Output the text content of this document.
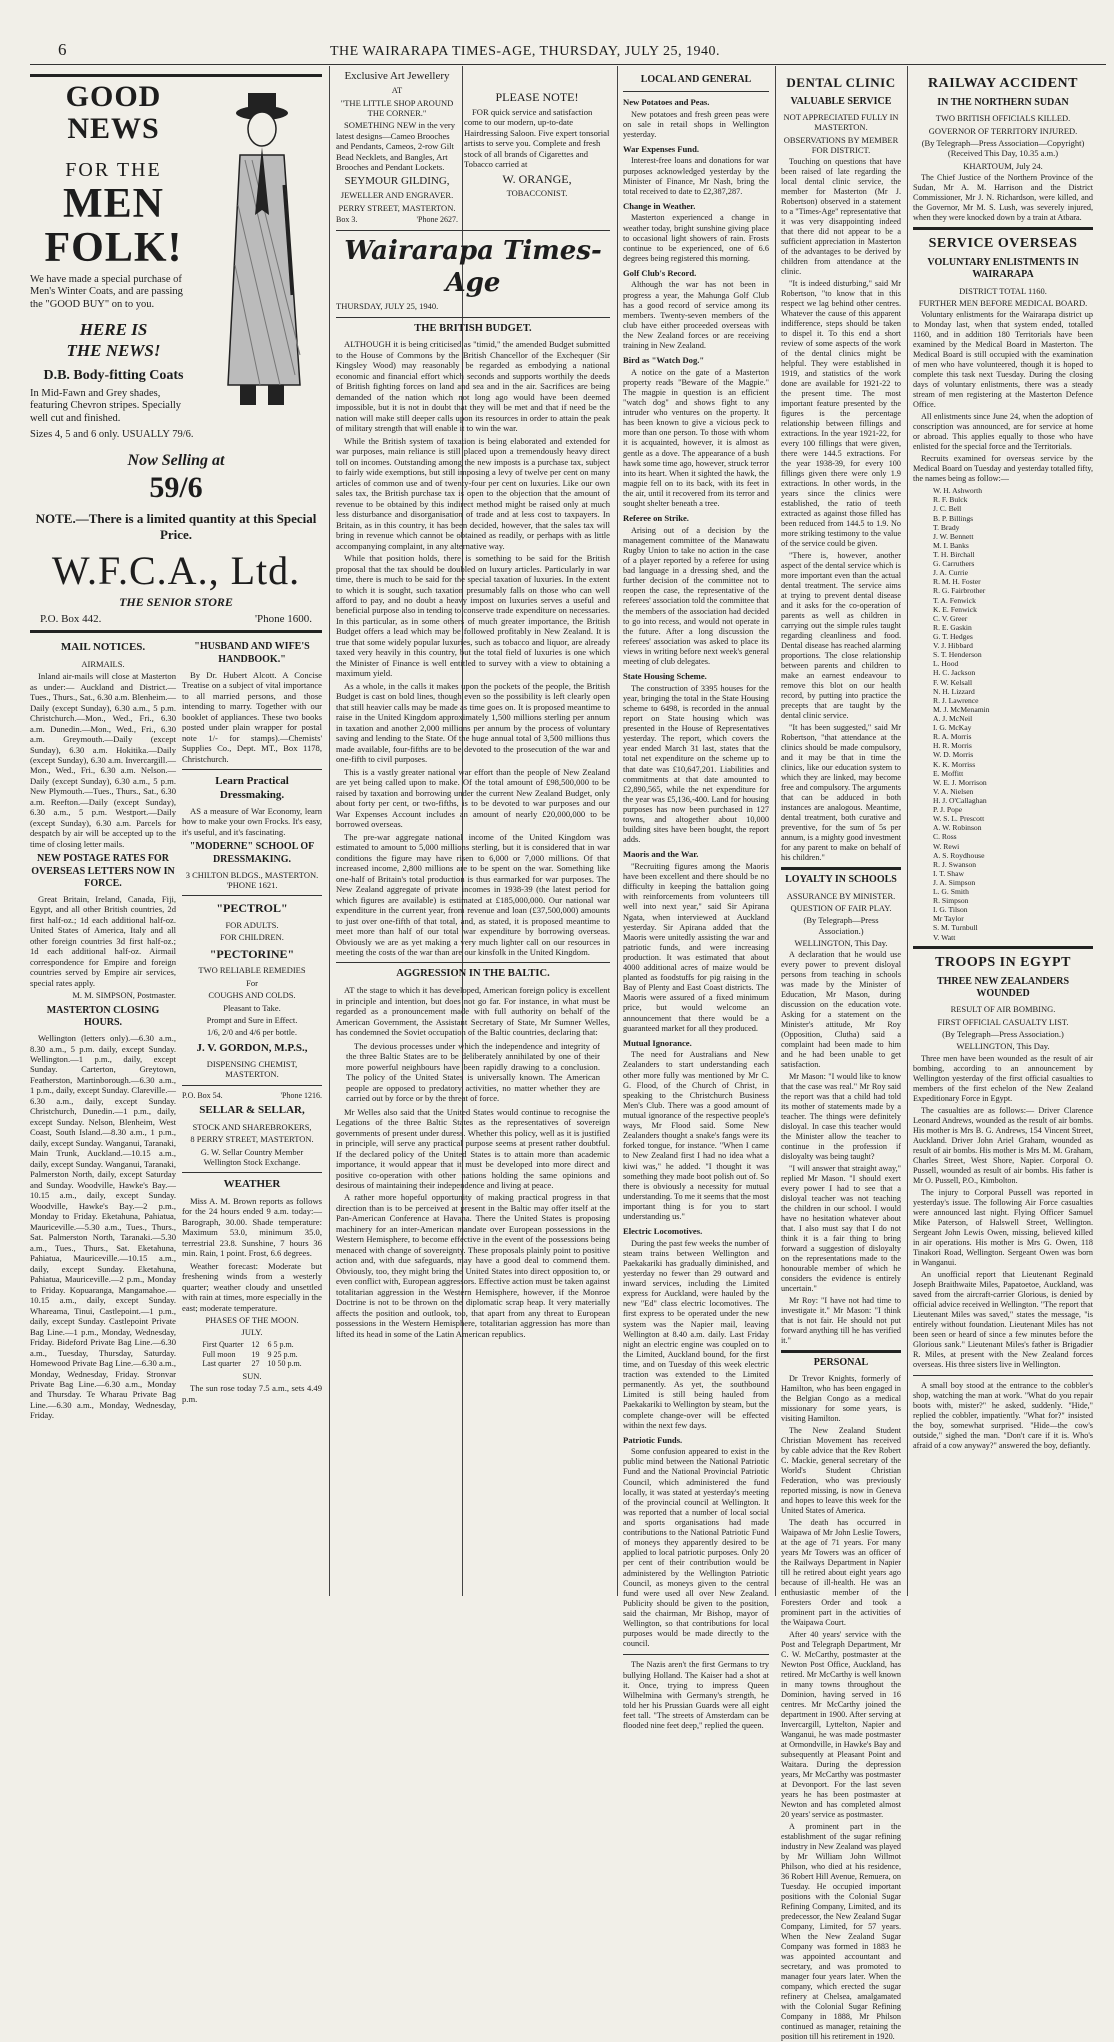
6	THE WAIRARAPA TIMES-AGE, THURSDAY, JULY 25, 1940.
GOOD NEWS
FOR THE
MEN
FOLK!

We have made a special purchase of Men's Winter Coats, and are passing the "GOOD BUY" on to you.

HERE IS
THE NEWS!
D.B. Body-fitting Coats

In Mid-Fawn and Grey shades, featuring Chevron stripes. Specially well cut and finished.

Sizes 4, 5 and 6 only. USUALLY 79/6.

Now Selling at
59/6
NOTE.—There is a limited quantity at this Special Price.
W.F.C.A., Ltd.
THE SENIOR STORE
P.O. Box 442.	'Phone 1600.
MAIL NOTICES.
AIRMAILS.
Inland air-mails will close at Masterton as under:— Auckland and District.—Tues., Thurs., Sat., 6.30 a.m. Blenheim.—Daily (except Sunday), 6.30 a.m., 5 p.m. Christchurch.—Mon., Wed., Fri., 6.30 a.m. Dunedin.—Mon., Wed., Fri., 6.30 a.m. Greymouth.—Daily (except Sunday), 6.30 a.m. Hokitika.—Daily (except Sunday), 6.30 a.m. Invercargill.—Mon., Wed., Fri., 6.30 a.m. Nelson.—Daily (except Sunday), 6.30 a.m., 5 p.m. New Plymouth.—Tues., Thurs., Sat., 6.30 a.m. Reefton.—Daily (except Sunday), 6.30 a.m., 5 p.m. Westport.—Daily (except Sunday), 6.30 a.m. Parcels for despatch by air will be accepted up to the time of closing letter mails.
NEW POSTAGE RATES FOR OVERSEAS LETTERS NOW IN FORCE.
Great Britain, Ireland, Canada, Fiji, Egypt, and all other British countries, 2d first half-oz.; 1d each additional half-oz. United States of America, Italy and all other foreign countries 3d first half-oz.; 1d each additional half-oz. Airmail correspondence for Empire and foreign countries served by Empire air services, special rates apply.
M. M. SIMPSON, Postmaster.
MASTERTON CLOSING HOURS.
Wellington (letters only).—6.30 a.m., 8.30 a.m., 5 p.m. daily, except Sunday. Wellington.—1 p.m., daily, except Sunday. Carterton, Greytown, Featherston, Martinborough.—6.30 a.m., 1 p.m., daily, except Sunday. Clareville.—6.30 a.m., daily, except Sunday. Christchurch, Dunedin.—1 p.m., daily, except Sunday. Nelson, Blenheim, West Coast, South Island.—8.30 a.m., 1 p.m., daily, except Sunday. Wanganui, Taranaki, Main Trunk, Auckland.—10.15 a.m., daily, except Sunday. Wanganui, Taranaki, Palmerston North, daily, except Saturday and Sunday. Woodville, Hawke's Bay.—10.15 a.m., daily, except Sunday. Woodville, Hawke's Bay.—2 p.m., Monday to Friday. Eketahuna, Pahiatua, Mauriceville.—5.30 a.m., Tues., Thurs., Sat. Palmerston North, Taranaki.—5.30 a.m., Tues., Thurs., Sat. Eketahuna, Pahiatua, Mauriceville.—10.15 a.m., daily, except Sunday. Eketahuna, Pahiatua, Mauriceville.—2 p.m., Monday to Friday. Kopuaranga, Mangamahoe.—10.15 a.m., daily, except Sunday. Whareama, Tinui, Castlepoint.—1 p.m., daily, except Sunday. Castlepoint Private Bag Line.—1 p.m., Monday, Wednesday, Friday. Bideford Private Bag Line.—6.30 a.m., Tuesday, Thursday, Saturday. Homewood Private Bag Line.—6.30 a.m., Monday, Wednesday, Friday. Stronvar Private Bag Line.—6.30 a.m., Monday and Thursday. Te Wharau Private Bag Line.—6.30 a.m., Monday, Wednesday, Friday.
"HUSBAND AND WIFE'S HANDBOOK."
By Dr. Hubert Alcott. A Concise Treatise on a subject of vital importance to all married persons, and those intending to marry. Together with our booklet of appliances. These two books posted under plain wrapper for postal note 1/- for stamps).—Chemists' Supplies Co., Dept. MT., Box 1178, Christchurch.
Learn Practical Dressmaking.
AS a measure of War Economy, learn how to make your own Frocks. It's easy, it's useful, and it's fascinating.
"MODERNE" SCHOOL OF DRESSMAKING.
3 CHILTON BLDGS., MASTERTON. 'PHONE 1621.
"PECTROL"
FOR ADULTS.
FOR CHILDREN.
"PECTORINE"
TWO RELIABLE REMEDIES
For
COUGHS AND COLDS.
Pleasant to Take.
Prompt and Sure in Effect.
1/6, 2/0 and 4/6 per bottle.
J. V. GORDON, M.P.S.,
DISPENSING CHEMIST, MASTERTON.
P.O. Box 54.	'Phone 1216.
SELLAR & SELLAR,
STOCK AND SHAREBROKERS,
8 PERRY STREET, MASTERTON.
G. W. Sellar Country Member Wellington Stock Exchange.
WEATHER
Miss A. M. Brown reports as follows for the 24 hours ended 9 a.m. today:—Barograph, 30.00. Shade temperature: Maximum 53.0, minimum 35.0, terrestrial 23.8. Sunshine, 7 hours 36 min. Rain, 1 point. Frost, 6.6 degrees.
Weather forecast: Moderate but freshening winds from a westerly quarter; weather cloudy and unsettled with rain at times, more especially in the east; moderate temperature.
PHASES OF THE MOON.
JULY.
First Quarter	12	6 5 p.m.
Full moon	19	9 25 p.m.
Last quarter	27	10 50 p.m.
SUN.
The sun rose today 7.5 a.m., sets 4.49 p.m.
Exclusive Art Jewellery
AT
"THE LITTLE SHOP AROUND THE CORNER."
SOMETHING NEW in the very latest designs—Cameo Brooches and Pendants, Cameos, 2-row Gilt Bead Necklets, and Bangles, Art Brooches and Pendant Lockets.
SEYMOUR GILDING,
JEWELLER AND ENGRAVER.
PERRY STREET, MASTERTON.
Box 3.	'Phone 2627.
PLEASE NOTE!
FOR quick service and satisfaction come to our modern, up-to-date Hairdressing Saloon. Five expert tonsorial artists to serve you. Complete and fresh stock of all brands of Cigarettes and Tobacco carried at
W. ORANGE,
TOBACCONIST.
Wairarapa Times-Age
THURSDAY, JULY 25, 1940.
THE BRITISH BUDGET.
ALTHOUGH it is being criticised as "timid," the amended Budget submitted to the House of Commons by the British Chancellor of the Exchequer (Sir Kingsley Wood) may reasonably be regarded as embodying a national economic and financial effort which seconds and supports worthily the deeds of British fighting forces on land and sea and in the air. Sacrifices are being demanded of the nation which not long ago would have been deemed impossible, but it is not in doubt that they will be met and that if need be the nation will make still deeper calls upon its resources in order to attain the peak of military strength that will enable it to win the war.
While the British system of taxation is being elaborated and extended for war purposes, main reliance is still placed upon a tremendously heavy direct toll on incomes. Outstanding among the new imposts is a purchase tax, subject to fairly wide exemptions, but still imposing a levy of twelve per cent on many articles of common use and of twenty-four per cent on luxuries. Like our own sales tax, the British purchase tax is open to the objection that the amount of revenue to be obtained by this indirect method might be raised only at much less disturbance and disorganisation of trade and at less cost to taxpayers. In Britain, as in this country, it has been decided, however, that the sales tax will bring in revenue which cannot be obtained as readily, or perhaps with as little accompanying complaint, in any alternative way.
While that position holds, there is something to be said for the British proposal that the tax should be doubled on luxury articles. Particularly in war time, there is much to be said for the special taxation of luxuries. In the extent to which it is sought, such taxation presumably falls on those who can well afford to pay, and no doubt a heavy impost on luxuries serves a useful and beneficial purpose also in tending to conserve trade expenditure on necessaries. In this particular, as in some others of much greater importance, the British Budget offers a lead which may be followed profitably in New Zealand. It is true that some widely popular luxuries, such as tobacco and liquor, are already taxed very heavily in this country, but the total field of luxuries is one which the Minister of Finance is well entitled to survey with a view to obtaining a maximum yield.
As a whole, in the calls it makes upon the pockets of the people, the British Budget is cast on bold lines, though even so the possibility is left clearly open that still heavier calls may be made as time goes on. It is proposed meantime to raise in the United Kingdom approximately 1,500 millions sterling per annum in taxation and another 2,000 millions per annum by the process of voluntary saving and lending to the State. Of the huge annual total of 3,500 millions thus made available, four-fifths are to be devoted to the prosecution of the war and one-fifth to civil purposes.
This is a vastly greater national war effort than the people of New Zealand are yet being called upon to make. Of the total amount of £98,500,000 to be raised by taxation and borrowing under the current New Zealand Budget, only about forty per cent, or two-fifths, is to be devoted to war purposes and our War Expenses Account includes an amount of nearly £20,000,000 to be borrowed overseas.
The pre-war aggregate national income of the United Kingdom was estimated to amount to 5,000 millions sterling, but it is considered that in war conditions the figure may have risen to 6,000 or 7,000 millions. Of that increased income, 2,800 millions are to be spent on the war. Something like one-half of Britain's total production is thus earmarked for war purposes. The New Zealand aggregate of private incomes in 1938-39 (the latest period for which figures are available) is estimated at £185,000,000. Our national war expenditure in the current year, from revenue and loan (£37,500,000) amounts to just over one-fifth of that total, and, as stated, it is proposed meantime to meet more than half of our total war expenditure by borrowing overseas. Obviously we are as yet making a very much lighter call on our resources in meeting the costs of the war than are our kinsfolk in the United Kingdom.
AGGRESSION IN THE BALTIC.
AT the stage to which it has developed, American foreign policy is excellent in principle and intention, but does not go far. For instance, in what must be regarded as a pronouncement made with full authority on behalf of the American Government, the Assistant Secretary of State, Mr Sumner Welles, has condemned the Soviet occupation of the Baltic countries, declaring that:
The devious processes under which the independence and integrity of the three Baltic States are to be deliberately annihilated by one of their more powerful neighbours have been rapidly drawing to a conclusion. The policy of the United States is universally known. The American people are opposed to predatory activities, no matter whether they are carried out by force or by the threat of force.
Mr Welles also said that the United States would continue to recognise the Legations of the three Baltic States as the representatives of sovereign governments of present under duress. Whether this policy, well as it is justified in principle, will serve any practical purpose seems at present rather doubtful. If the declared policy of the United States is to attain more than academic importance, it would appear that it must be developed into more direct and positive co-operation with other nations holding the same opinions and desirous of maintaining their independence and living at peace.
A rather more hopeful opportunity of making practical progress in that direction than is to be perceived at present in the Baltic may offer itself at the Pan-American Conference at Havana. There the United States is proposing machinery for an inter-American mandate over European possessions in the Western Hemisphere, to become effective in the event of the possessions being menaced with change of sovereignty. These proposals plainly point to positive action and, with due safeguards, may have a good deal to commend them. Obviously, too, they might bring the United States into direct opposition to, or even conflict with, European aggressors. Effective action must be taken against totalitarian aggression in the Western Hemisphere, however, if the Monroe Doctrine is not to be thrown on the diplomatic scrap heap. It very materially affects the position and outlook, too, that apart from any threat to European possessions in the Western Hemisphere, totalitarian aggression has more than lifted its head in some of the Latin American republics.
LOCAL AND GENERAL
New Potatoes and Peas.
New potatoes and fresh green peas were on sale in retail shops in Wellington yesterday.
War Expenses Fund.
Interest-free loans and donations for war purposes acknowledged yesterday by the Minister of Finance, Mr Nash, bring the total received to date to £2,387,287.
Change in Weather.
Masterton experienced a change in weather today, bright sunshine giving place to occasional light showers of rain. Frosts continue to be experienced, one of 6.6 degrees being registered this morning.
Golf Club's Record.
Although the war has not been in progress a year, the Mahunga Golf Club has a good record of service among its members. Twenty-seven members of the club have either proceeded overseas with the New Zealand forces or are receiving training in New Zealand.
Bird as "Watch Dog."
A notice on the gate of a Masterton property reads "Beware of the Magpie." The magpie in question is an efficient "watch dog" and shows fight to any intruder who ventures on the property. It has been known to give a vicious peck to more than one person. To those with whom it is acquainted, however, it is almost as gentle as a dove. The appearance of a bush hawk some time ago, however, struck terror into its heart. When it sighted the hawk, the magpie fell on to its back, with its feet in the air, until it recovered from its terror and sought shelter beneath a tree.
Referee on Strike.
Arising out of a decision by the management committee of the Manawatu Rugby Union to take no action in the case of a player reported by a referee for using bad language in a dressing shed, and the further decision of the committee not to reopen the case, the representative of the referees' association told the committee that the members of the association had decided to go into recess, and would not operate in the future. After a long discussion the referees' association was asked to place its views in writing before next week's general meeting of club delegates.
State Housing Scheme.
The construction of 3395 houses for the year, bringing the total in the State Housing scheme to 6498, is recorded in the annual report on State housing which was presented in the House of Representatives yesterday. The report, which covers the year ended March 31 last, states that the total net expenditure on the scheme up to that date was £10,647,201. Liabilities and commitments at that date amounted to £2,890,565, while the net expenditure for the year was £5,136,-400. Land for housing purposes has now been purchased in 127 towns, and altogether about 10,000 building sites have been bought, the report adds.
Maoris and the War.
"Recruiting figures among the Maoris have been excellent and there should be no difficulty in keeping the battalion going with reinforcements from volunteers till well into next year," said Sir Apirana Ngata, when interviewed at Auckland yesterday. Sir Apirana added that the Maoris were unitedly assisting the war and patriotic funds, and were increasing production. It was estimated that about 4000 additional acres of maize would be planted as foodstuffs for pig raising in the Bay of Plenty and East Coast districts. The Maoris were assured of a fixed minimum price, but would welcome an announcement that there would be a guaranteed market for all they produced.
Mutual Ignorance.
The need for Australians and New Zealanders to start understanding each other more fully was mentioned by Mr C. G. Flood, of the Church of Christ, in speaking to the Christchurch Business Men's Club. There was a good amount of mutual ignorance of the respective people's ways, Mr Flood said. Some New Zealanders thought a snake's fangs were its forked tongue, for instance. "When I came to New Zealand first I had no idea what a kiwi was," he added. "I thought it was something they made boot polish out of. So there is obviously a necessity for mutual understanding. To me it seems that the most important thing is for you to start understanding us."
Electric Locomotives.
During the past few weeks the number of steam trains between Wellington and Paekakariki has gradually diminished, and yesterday no fewer than 29 outward and inward services, including the Limited express for Auckland, were hauled by the new "Ed" class electric locomotives. The first express to be operated under the new system was the Napier mail, leaving Wellington at 8.40 a.m. daily. Last Friday night an electric engine was coupled on to the Limited, Auckland bound, for the first time, and on Tuesday of this week electric traction was extended to the Limited permanently. As yet, the southbound Limited is still being hauled from Paekakariki to Wellington by steam, but the complete change-over will be effected within the next few days.
Patriotic Funds.
Some confusion appeared to exist in the public mind between the National Patriotic Fund and the National Provincial Patriotic Council, which administered the fund locally, it was stated at yesterday's meeting of the provincial council at Wellington. It was reported that a number of local social and sports organisations had made contributions to the National Patriotic Fund of moneys they apparently desired to be applied to local patriotic purposes. Only 20 per cent of their contribution would be administered by the Wellington Patriotic Council, as moneys given to the central fund were used all over New Zealand. Publicity should be given to the position, said the chairman, Mr Bishop, mayor of Wellington, so that contributions for local purposes would be made directly to the council.
The Nazis aren't the first Germans to try bullying Holland. The Kaiser had a shot at it. Once, trying to impress Queen Wilhelmina with Germany's strength, he told her his Prussian Guards were all eight feet tall. "The streets of Amsterdam can be flooded nine feet deep," replied the queen.
DENTAL CLINIC
VALUABLE SERVICE
NOT APPRECIATED FULLY IN MASTERTON.
OBSERVATIONS BY MEMBER FOR DISTRICT.
Touching on questions that have been raised of late regarding the local dental clinic service, the member for Masterton (Mr J. Robertson) observed in a statement to a "Times-Age" representative that it was very disappointing indeed that there did not appear to be a sufficient appreciation in Masterton of the advantages to be derived by children from attendance at the clinic.
"It is indeed disturbing," said Mr Robertson, "to know that in this respect we lag behind other centres. Whatever the cause of this apparent indifference, steps should be taken to dispel it. To this end a short review of some aspects of the work of the dental clinics might be helpful. They were established in 1919, and statistics of the work done are available for 1921-22 to the present time. The most important feature presented by the figures is the percentage relationship between fillings and extractions. In the year 1921-22, for every 100 fillings that were given, there were 144.5 extractions. For the year 1938-39, for every 100 fillings given there were only 1.9 extractions. In other words, in the years since the clinics were established, the ratio of teeth extracted as against those filled has been reduced from 144.5 to 1.9. No more striking testimony to the value of the service could be given.
"There is, however, another aspect of the dental service which is more important even than the actual dental treatment. The service aims at trying to prevent dental disease and it asks for the co-operation of parents as well as children in carrying out the simple rules taught regarding cleanliness and food. Dental disease has reached alarming proportions. The close relationship between parents and children to make an earnest endeavour to remove this blot on our health record, by putting into practice the precepts that are taught by the dental clinic service.
"It has been suggested," said Mr Robertson, "that attendance at the clinics should be made compulsory, and it may be that in time the clinics, like our education system to which they are linked, may become free and compulsory. The arguments that can be adduced in both instances are analogous. Meantime, dental treatment, both curative and preventive, for the sum of 5s per annum, is a mighty good investment for any parent to make on behalf of his children."
LOYALTY IN SCHOOLS
ASSURANCE BY MINISTER.
QUESTION OF FAIR PLAY.
(By Telegraph—Press Association.)
WELLINGTON, This Day.
A declaration that he would use every power to prevent disloyal persons from teaching in schools was made by the Minister of Education, Mr Mason, during discussion on the education vote. Asking for a statement on the Minister's attitude, Mr Roy (Opposition, Clutha) said a complaint had been made to him and he had been unable to get satisfaction.
Mr Mason: "I would like to know that the case was real." Mr Roy said the report was that a child had told its mother of statements made by a teacher. The things were definitely disloyal. In case this teacher would the Minister allow the teacher to continue in the profession if disloyalty was being taught?
"I will answer that straight away," replied Mr Mason. "I should exert every power I had to see that a disloyal teacher was not teaching the children in our school. I would have no hesitation whatever about that. I also must say that I do not think it is a fair thing to bring forward a suggestion of disloyalty on the representations made to the honourable member of which he considers the evidence is entirely uncertain."
Mr Roy: "I have not had time to investigate it." Mr Mason: "I think that is not fair. He should not put forward anything till he has verified it."
PERSONAL
Dr Trevor Knights, formerly of Hamilton, who has been engaged in the Belgian Congo as a medical missionary for some years, is visiting Hamilton.
The New Zealand Student Christian Movement has received by cable advice that the Rev Robert C. Mackie, general secretary of the World's Student Christian Federation, who was previously reported missing, is now in Geneva and hopes to leave this week for the United States of America.
The death has occurred in Waipawa of Mr John Leslie Towers, at the age of 71 years. For many years Mr Towers was an officer of the Railways Department in Napier till he retired about eight years ago because of ill-health. He was an enthusiastic member of the Foresters Order and took a prominent part in the activities of the Waipawa Court.
After 40 years' service with the Post and Telegraph Department, Mr C. W. McCarthy, postmaster at the Newton Post Office, Auckland, has retired. Mr McCarthy is well known in many towns throughout the Dominion, having served in 16 centres. Mr McCarthy joined the department in 1900. After serving at Invercargill, Lyttelton, Napier and Wanganui, he was made postmaster at Ormondville, in Hawke's Bay and subsequently at Pleasant Point and Waitara. During the depression years, Mr McCarthy was postmaster at Devonport. For the last seven years he has been postmaster at Newton and has completed almost 20 years' service as postmaster.
A prominent part in the establishment of the sugar refining industry in New Zealand was played by Mr William John Willmot Philson, who died at his residence, 36 Robert Hill Avenue, Remuera, on Tuesday. He occupied important positions with the Colonial Sugar Refining Company, Limited, and its predecessor, the New Zealand Sugar Company, Limited, for 57 years. When the New Zealand Sugar Company was formed in 1883 he was appointed accountant and secretary, and was promoted to manager four years later. When the company, which erected the sugar refinery at Chelsea, amalgamated with the Colonial Sugar Refining Company in 1888, Mr Philson continued as manager, retaining the position till his retirement in 1920.
RAILWAY ACCIDENT
IN THE NORTHERN SUDAN
TWO BRITISH OFFICIALS KILLED.
GOVERNOR OF TERRITORY INJURED.
(By Telegraph—Press Association—Copyright) (Received This Day, 10.35 a.m.)
KHARTOUM, July 24.
The Chief Justice of the Northern Province of the Sudan, Mr A. M. Harrison and the District Commissioner, Mr J. N. Richardson, were killed, and the Governor, Mr M. S. Lush, was severely injured, when they were knocked down by a train at Atbara.
SERVICE OVERSEAS
VOLUNTARY ENLISTMENTS IN WAIRARAPA
DISTRICT TOTAL 1160.
FURTHER MEN BEFORE MEDICAL BOARD.
Voluntary enlistments for the Wairarapa district up to Monday last, when that system ended, totalled 1160, and in addition 180 Territorials have been examined by the Medical Board in Masterton. The Medical Board is still occupied with the examination of men who have volunteered, though it is hoped to complete this task next Tuesday. During the closing days of voluntary enlistments, there was a steady stream of men registering at the Masterton Defence Office.
All enlistments since June 24, when the adoption of conscription was announced, are for service at home or abroad. This applies equally to those who have enlisted for the special force and the Territorials.
Recruits examined for overseas service by the Medical Board on Tuesday and yesterday totalled fifty, the names being as follow:—
W. H. Ashworth
R. F. Bulck
J. C. Bell
B. P. Billings
T. Brady
J. W. Bennett
M. I. Banks
T. H. Birchall
G. Carruthers
J. A. Currie
R. M. H. Foster
R. G. Fairbrother
T. A. Fenwick
K. E. Fenwick
C. V. Greer
R. E. Gaskin
G. T. Hedges
V. J. Hibbard
S. T. Henderson
L. Hood
H. C. Jackson
F. W. Kelsall
N. H. Lizzard
R. J. Lawrence
M. J. McMenamin
A. J. McNeil
I. G. McKay
R. A. Morris
H. R. Morris
W. D. Morris
K. K. Morriss
E. Moffitt
W. E. J. Morrison
V. A. Nielsen
H. J. O'Callaghan
P. J. Pope
W. S. L. Prescott
A. W. Robinson
C. Ross
W. Rewi
A. S. Roydhouse
R. J. Swanson
I. T. Shaw
J. A. Simpson
L. G. Smith
R. Simpson
I. G. Tilson
Mr Taylor
S. M. Turnbull
V. Watt
TROOPS IN EGYPT
THREE NEW ZEALANDERS WOUNDED
RESULT OF AIR BOMBING.
FIRST OFFICIAL CASUALTY LIST.
(By Telegraph—Press Association.)
WELLINGTON, This Day.
Three men have been wounded as the result of air bombing, according to an announcement by Wellington yesterday of the first official casualties to members of the first echelon of the New Zealand Expeditionary Force in Egypt.
The casualties are as follows:— Driver Clarence Leonard Andrews, wounded as the result of air bombs. His mother is Mrs B. G. Andrews, 154 Vincent Street, Auckland. Driver John Ariel Graham, wounded as result of air bombs. His mother is Mrs M. M. Graham, Charles Street, West Shore, Napier. Corporal O. Pussell, wounded as result of air bombs. His father is Mr O. Pussell, P.O., Kimbolton.
The injury to Corporal Pussell was reported in yesterday's issue. The following Air Force casualties were announced last night. Flying Officer Samuel Mike Paterson, of Halswell Street, Wellington. Sergeant John Lewis Owen, missing, believed killed in air operations. His mother is Mrs G. Owen, 118 Tinakori Road, Wellington. Sergeant Owen was born in Wanganui.
An unofficial report that Lieutenant Reginald Joseph Braithwaite Miles, Papatoetoe, Auckland, was saved from the aircraft-carrier Glorious, is denied by official advice received in Wellington. "The report that Lieutenant Miles was saved," states the message, "is entirely without foundation. Lieutenant Miles has not been seen or heard of since a few minutes before the Glorious sank." Lieutenant Miles's father is Brigadier R. Miles, at present with the New Zealand forces overseas. His three sisters live in Wellington.
A small boy stood at the entrance to the cobbler's shop, watching the man at work. "What do you repair boots with, mister?" he asked, suddenly. "Hide," replied the cobbler, impatiently. "What for?" insisted the boy, somewhat surprised. "Hide—the cow's outside," sighed the man. "Don't care if it is. Who's afraid of a cow anyway?" answered the boy, defiantly.
